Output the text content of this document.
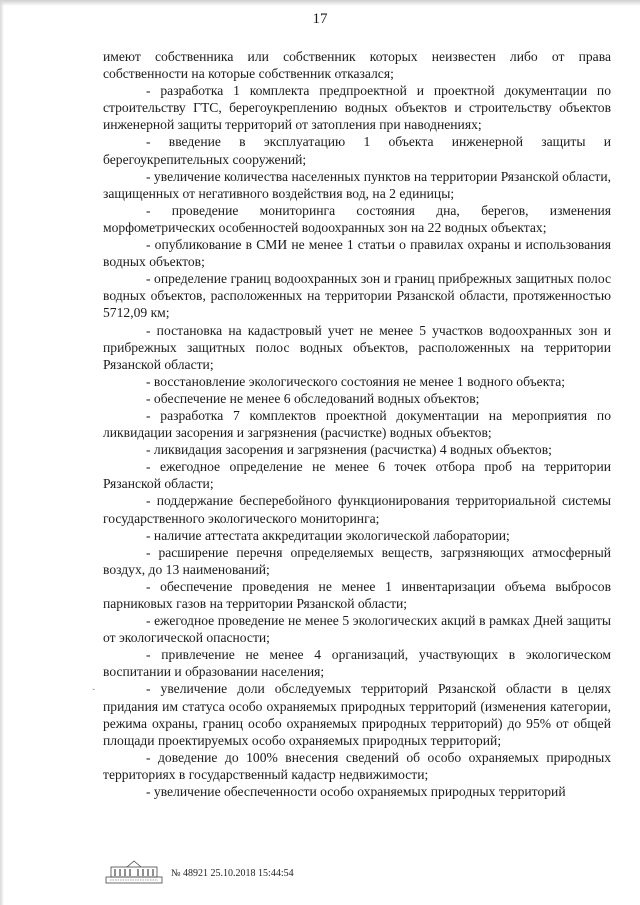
17

имеют собственника или собственник которых неизвестен либо от права собственности на которые собственник отказался;

- разработка 1 комплекта предпроектной и проектной документации по строительству ГТС, берегоукреплению водных объектов и строительству объектов инженерной защиты территорий от затопления при наводнениях;

- введение в эксплуатацию 1 объекта инженерной защиты и берегоукрепительных сооружений;

- увеличение количества населенных пунктов на территории Рязанской области, защищенных от негативного воздействия вод, на 2 единицы;

- проведение мониторинга состояния дна, берегов, изменения морфометрических особенностей водоохранных зон на 22 водных объектах;

- опубликование в СМИ не менее 1 статьи о правилах охраны и использования водных объектов;

- определение границ водоохранных зон и границ прибрежных защитных полос водных объектов, расположенных на территории Рязанской области, протяженностью 5712,09 км;

- постановка на кадастровый учет не менее 5 участков водоохранных зон и прибрежных защитных полос водных объектов, расположенных на территории Рязанской области;

- восстановление экологического состояния не менее 1 водного объекта;

- обеспечение не менее 6 обследований водных объектов;

- разработка 7 комплектов проектной документации на мероприятия по ликвидации засорения и загрязнения (расчистке) водных объектов;

- ликвидация засорения и загрязнения (расчистка) 4 водных объектов;

- ежегодное определение не менее 6 точек отбора проб на территории Рязанской области;

- поддержание бесперебойного функционирования территориальной системы государственного экологического мониторинга;

- наличие аттестата аккредитации экологической лаборатории;

- расширение перечня определяемых веществ, загрязняющих атмосферный воздух, до 13 наименований;

- обеспечение проведения не менее 1 инвентаризации объема выбросов парниковых газов на территории Рязанской области;

- ежегодное проведение не менее 5 экологических акций в рамках Дней защиты от экологической опасности;

- привлечение не менее 4 организаций, участвующих в экологическом воспитании и образовании населения;

- увеличение доли обследуемых территорий Рязанской области в целях придания им статуса особо охраняемых природных территорий (изменения категории, режима охраны, границ особо охраняемых природных территорий) до 95% от общей площади проектируемых особо охраняемых природных территорий;

- доведение до 100% внесения сведений об особо охраняемых природных территориях в государственный кадастр недвижимости;

- увеличение обеспеченности особо охраняемых природных территорий

˯
№ 48921 25.10.2018 15:44:54
